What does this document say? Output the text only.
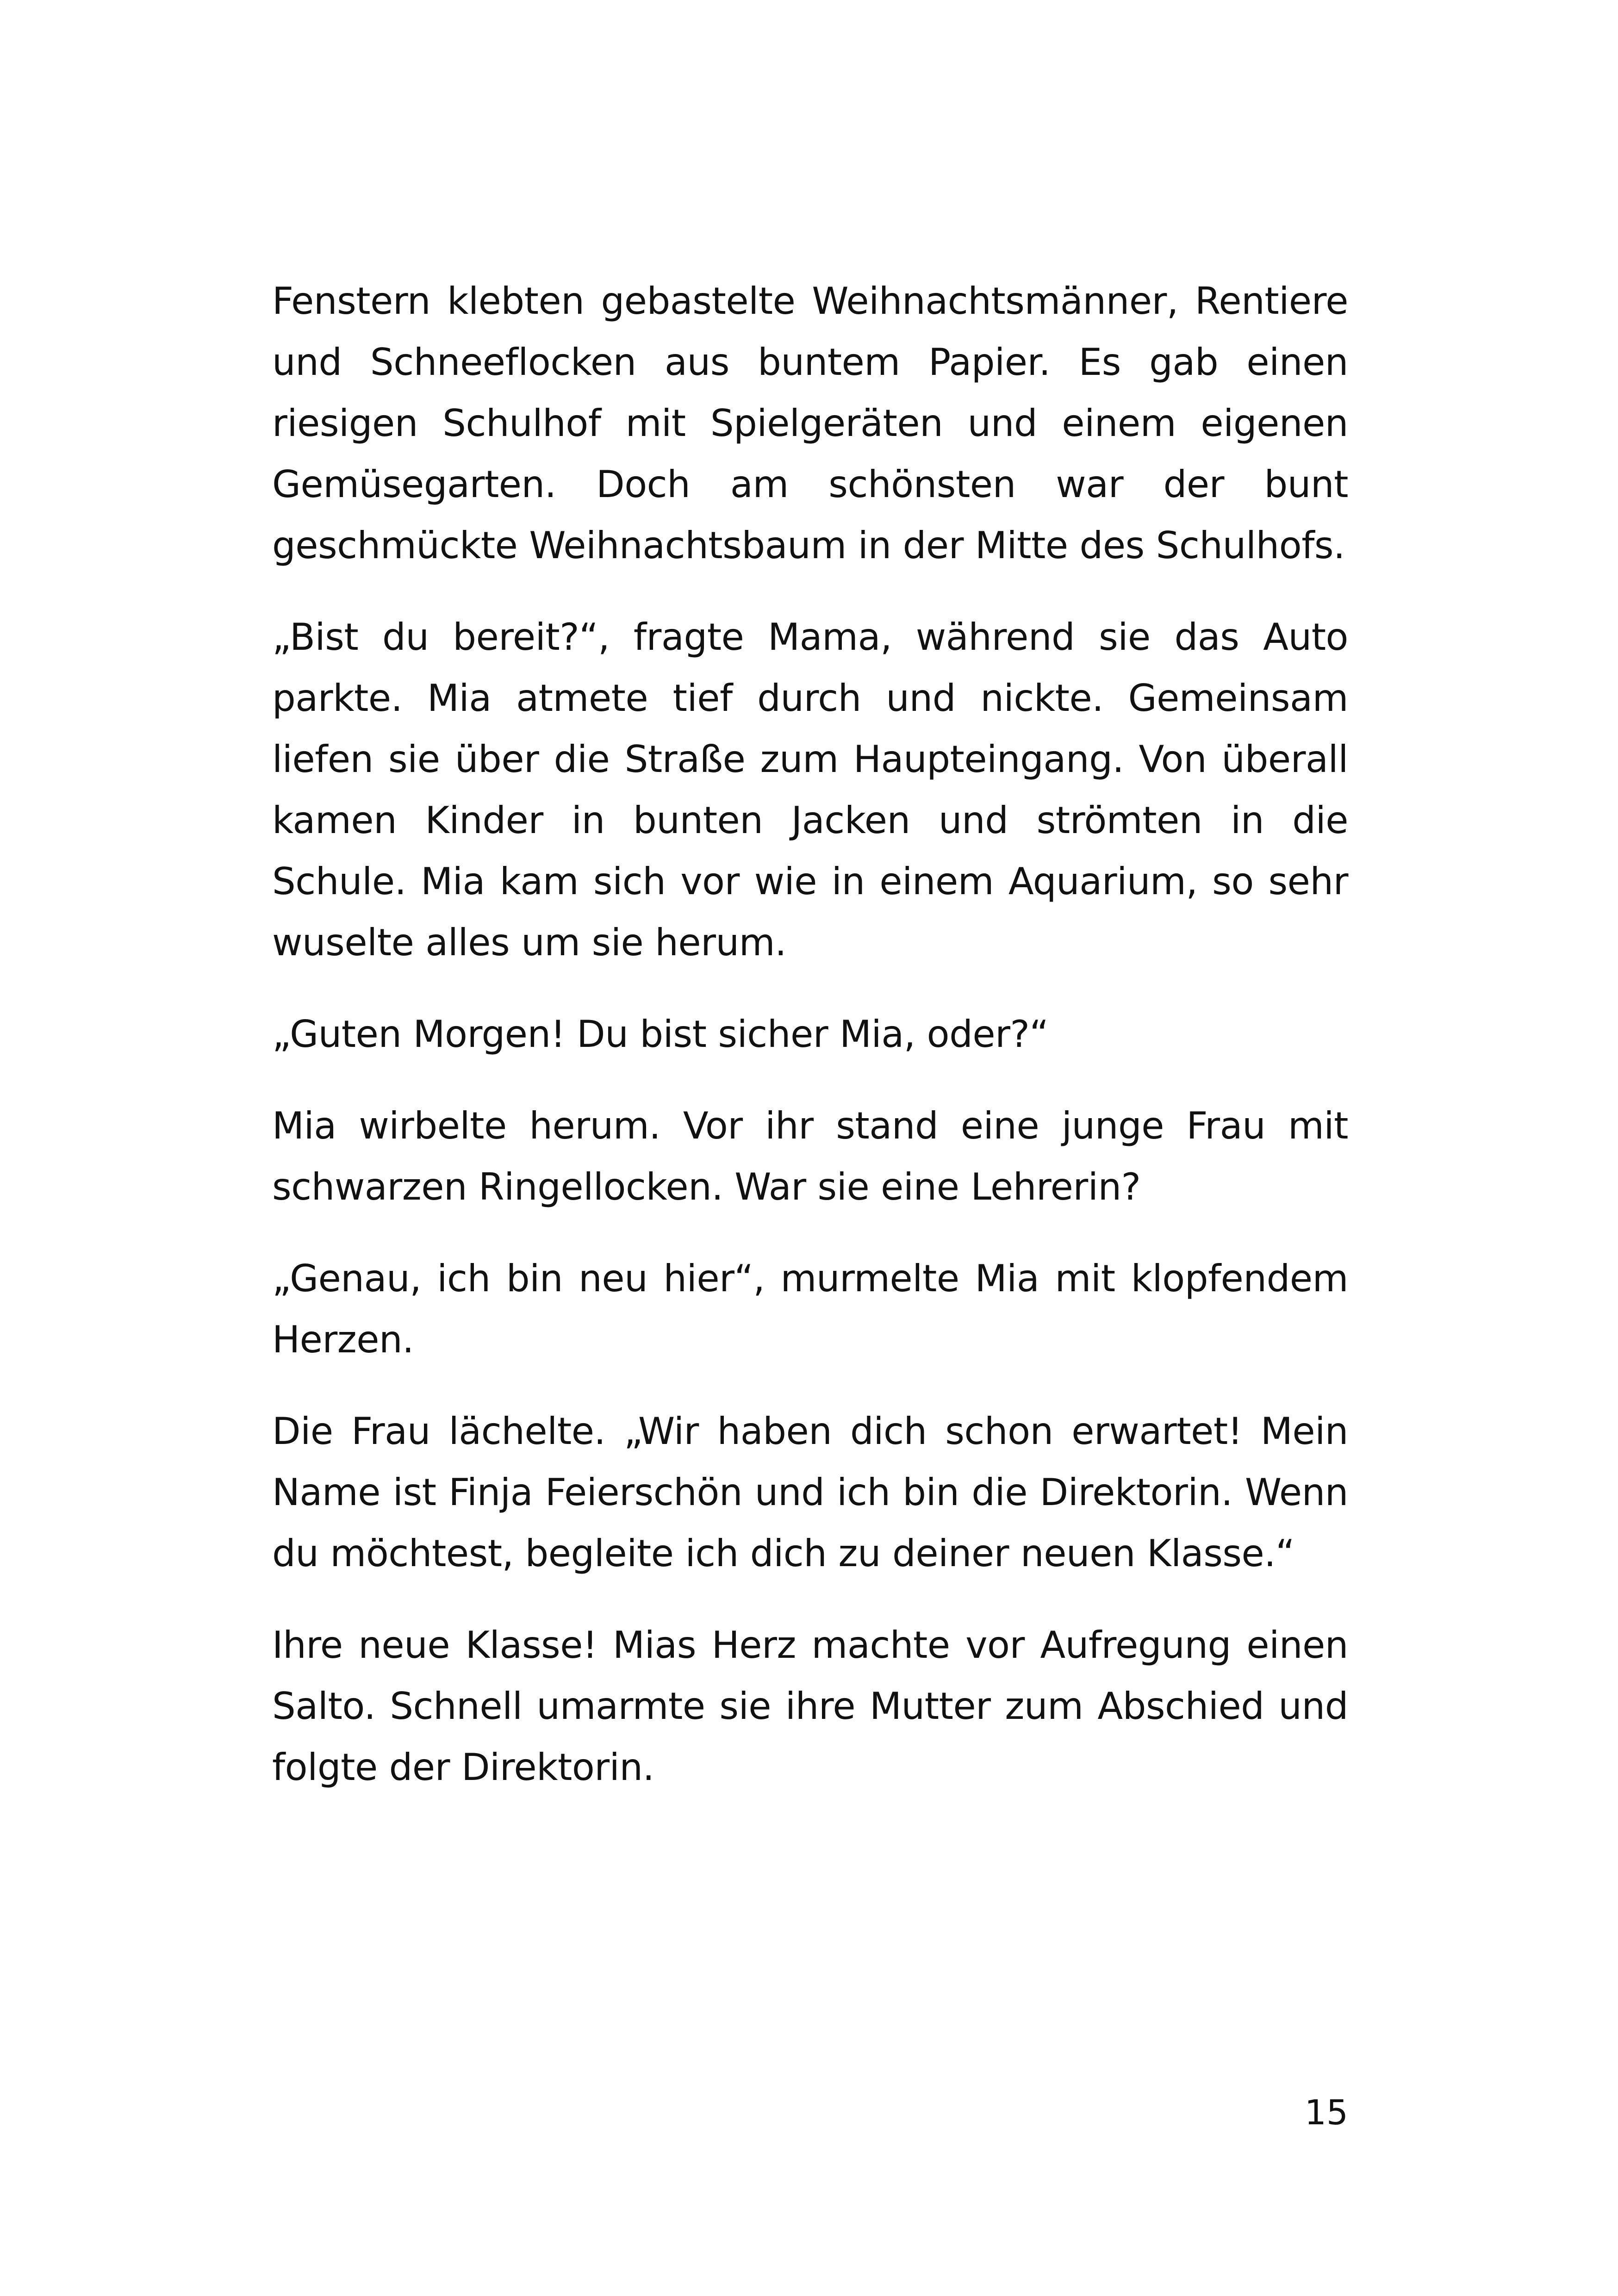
Fenstern klebten gebastelte Weihnachtsmänner, Rentiere und Schneeflocken aus buntem Papier. Es gab einen riesigen Schulhof mit Spielgeräten und einem eigenen Gemüsegarten. Doch am schönsten war der bunt geschmückte Weihnachtsbaum in der Mitte des Schulhofs.

„Bist du bereit?“, fragte Mama, während sie das Auto parkte. Mia atmete tief durch und nickte. Gemeinsam liefen sie über die Straße zum Haupteingang. Von überall kamen Kinder in bunten Jacken und strömten in die Schule. Mia kam sich vor wie in einem Aquarium, so sehr wuselte alles um sie herum.

„Guten Morgen! Du bist sicher Mia, oder?“

Mia wirbelte herum. Vor ihr stand eine junge Frau mit schwarzen Ringellocken. War sie eine Lehrerin?

„Genau, ich bin neu hier“, murmelte Mia mit klopfendem Herzen.

Die Frau lächelte. „Wir haben dich schon erwartet! Mein Name ist Finja Feierschön und ich bin die Direktorin. Wenn du möchtest, begleite ich dich zu deiner neuen Klasse.“

Ihre neue Klasse! Mias Herz machte vor Aufregung einen Salto. Schnell umarmte sie ihre Mutter zum Abschied und folgte der Direktorin.

15
